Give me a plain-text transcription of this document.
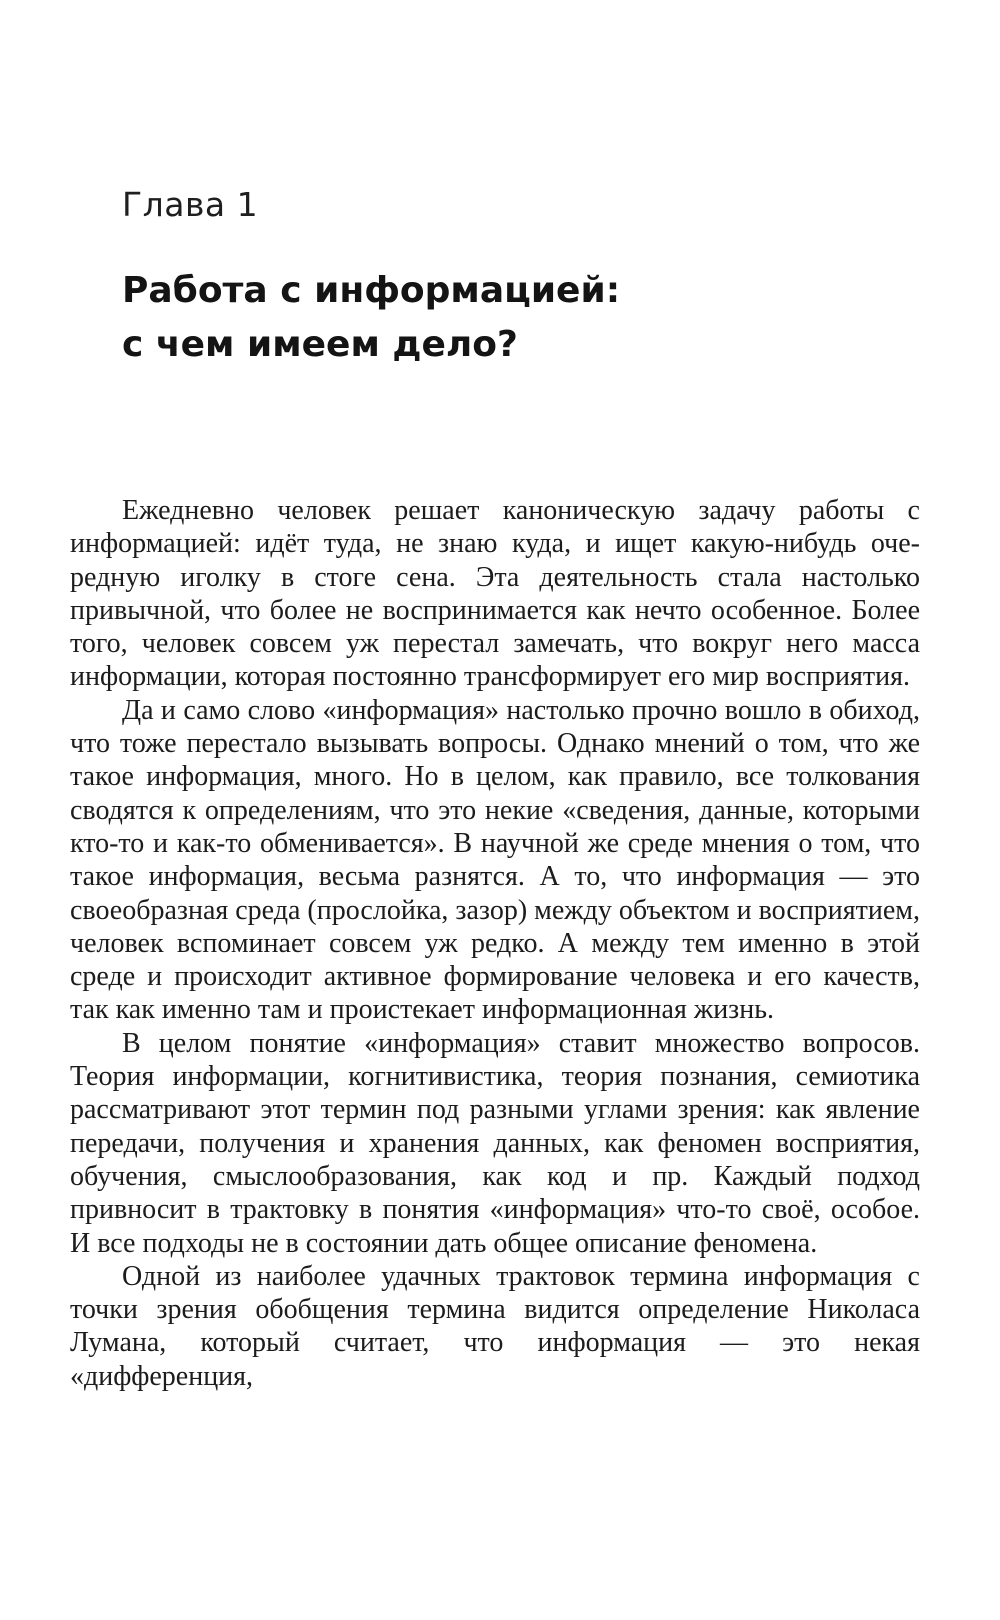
Глава 1
Работа с информацией:
с чем имеем дело?

Ежедневно человек решает каноническую задачу работы с информацией: идёт туда, не знаю куда, и ищет какую-нибудь очередную иголку в стоге сена. Эта деятельность стала настолько привычной, что более не воспринимается как нечто особенное. Более того, человек совсем уж перестал замечать, что вокруг него масса информации, которая постоянно трансформирует его мир восприятия.

Да и само слово «информация» настолько прочно вошло в обиход, что тоже перестало вызывать вопросы. Однако мнений о том, что же такое информация, много. Но в целом, как правило, все толкования сводятся к определениям, что это некие «сведения, данные, которыми кто-то и как-то обменивается». В научной же среде мнения о том, что такое информация, весьма разнятся. А то, что информация — это своеобразная среда (прослойка, зазор) между объектом и восприятием, человек вспоминает совсем уж редко. А между тем именно в этой среде и происходит активное формирование человека и его качеств, так как именно там и проистекает информационная жизнь.

В целом понятие «информация» ставит множество вопросов. Теория информации, когнитивистика, теория познания, семиотика рассматривают этот термин под разными углами зрения: как явление передачи, получения и хранения данных, как феномен восприятия, обучения, смыслообразования, как код и пр. Каждый подход привносит в трактовку в понятия «информация» что-то своё, особое. И все подходы не в состоянии дать общее описание феномена.

Одной из наиболее удачных трактовок термина информация с точки зрения обобщения термина видится определение Николаса Лумана, который считает, что информация — это некая «дифференция,
